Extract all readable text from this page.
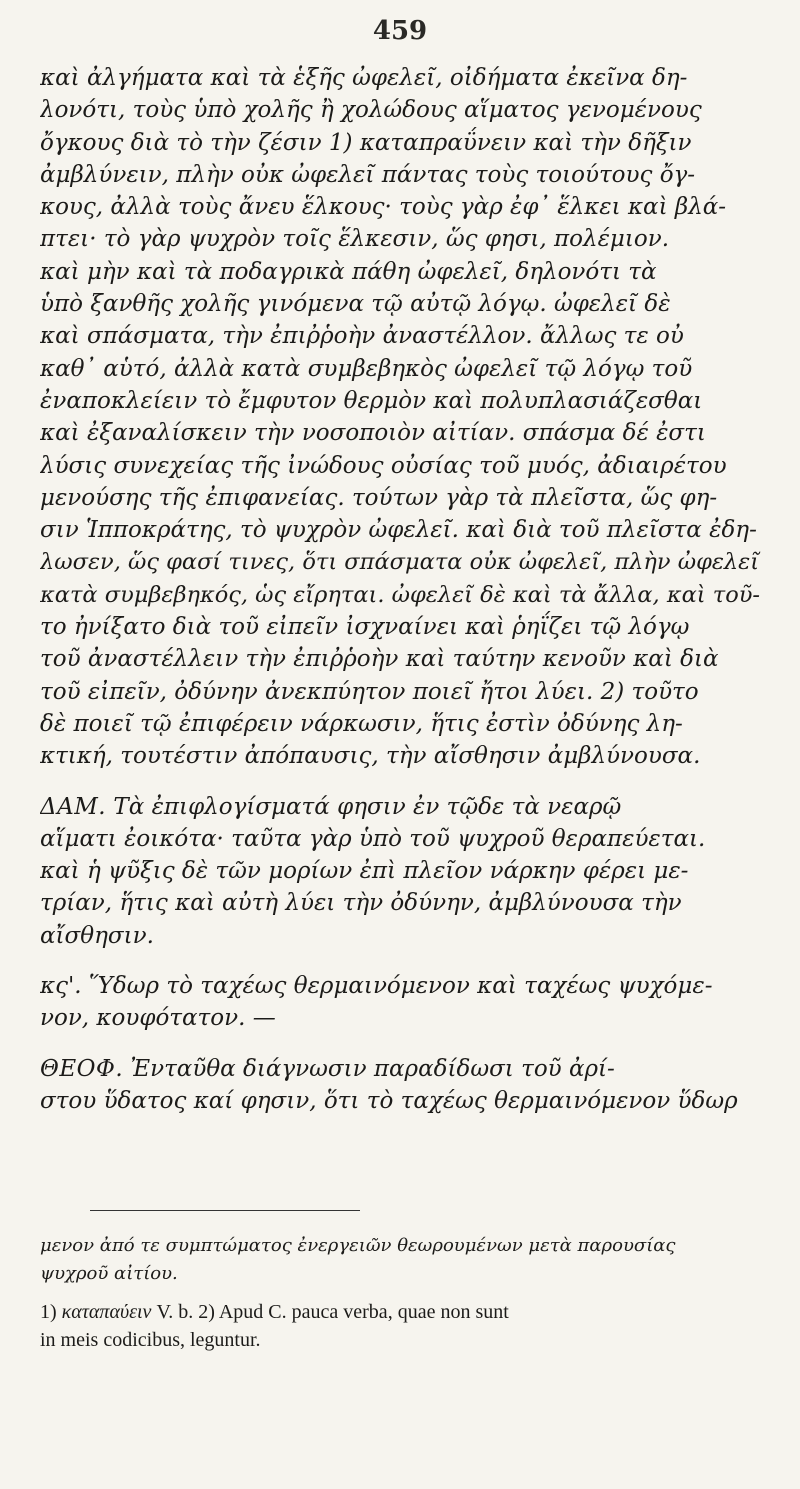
459
καὶ ἀλγήματα καὶ τὰ ἑξῆς ὠφελεῖ, οἰδήματα ἐκεῖνα δη-
λονότι, τοὺς ὑπὸ χολῆς ἢ χολώδους αἵματος γενομένους
ὄγκους διὰ τὸ τὴν ζέσιν 1) καταπραΰνειν καὶ τὴν δῆξιν
ἀμβλύνειν, πλὴν οὐκ ὠφελεῖ πάντας τοὺς τοιούτους ὄγ-
κους, ἀλλὰ τοὺς ἄνευ ἕλκους· τοὺς γὰρ ἐφ᾽ ἕλκει καὶ βλά-
πτει· τὸ γὰρ ψυχρὸν τοῖς ἕλκεσιν, ὥς φησι, πολέμιον.
καὶ μὴν καὶ τὰ ποδαγρικὰ πάθη ὠφελεῖ, δηλονότι τὰ
ὑπὸ ξανθῆς χολῆς γινόμενα τῷ αὐτῷ λόγῳ. ὠφελεῖ δὲ
καὶ σπάσματα, τὴν ἐπιῤῥοὴν ἀναστέλλον. ἄλλως τε οὐ
καθ᾽ αὑτό, ἀλλὰ κατὰ συμβεβηκὸς ὠφελεῖ τῷ λόγῳ τοῦ
ἐναποκλείειν τὸ ἔμφυτον θερμὸν καὶ πολυπλασιάζεσθαι
καὶ ἐξαναλίσκειν τὴν νοσοποιὸν αἰτίαν. σπάσμα δέ ἐστι
λύσις συνεχείας τῆς ἰνώδους οὐσίας τοῦ μυός, ἀδιαιρέτου
μενούσης τῆς ἐπιφανείας. τούτων γὰρ τὰ πλεῖστα, ὥς φη-
σιν Ἱπποκράτης, τὸ ψυχρὸν ὠφελεῖ. καὶ διὰ τοῦ πλεῖστα ἐδη-
λωσεν, ὥς φασί τινες, ὅτι σπάσματα οὐκ ὠφελεῖ, πλὴν ὠφελεῖ
κατὰ συμβεβηκός, ὡς εἴρηται. ὠφελεῖ δὲ καὶ τὰ ἄλλα, καὶ τοῦ-
το ἠνίξατο διὰ τοῦ εἰπεῖν ἰσχναίνει καὶ ῥηΐζει τῷ λόγῳ
τοῦ ἀναστέλλειν τὴν ἐπιῤῥοὴν καὶ ταύτην κενοῦν καὶ διὰ
τοῦ εἰπεῖν, ὀδύνην ἀνεκπύητον ποιεῖ ἤτοι λύει. 2) τοῦτο
δὲ ποιεῖ τῷ ἐπιφέρειν νάρκωσιν, ἥτις ἐστὶν ὀδύνης λη-
κτική, τουτέστιν ἀπόπαυσις, τὴν αἴσθησιν ἀμβλύνουσα.
ΔΑΜ. Τὰ ἐπιφλογίσματά φησιν ἐν τῷδε τὰ νεαρῷ
αἵματι ἐοικότα· ταῦτα γὰρ ὑπὸ τοῦ ψυχροῦ θεραπεύεται.
καὶ ἡ ψῦξις δὲ τῶν μορίων ἐπὶ πλεῖον νάρκην φέρει με-
τρίαν, ἥτις καὶ αὐτὴ λύει τὴν ὀδύνην, ἀμβλύνουσα τὴν
αἴσθησιν.
κς'. Ὕδωρ τὸ ταχέως θερμαινόμενον καὶ ταχέως ψυχόμε-
νον, κουφότατον. —
ΘΕΟΦ. Ἐνταῦθα διάγνωσιν παραδίδωσι τοῦ ἀρί-
στου ὕδατος καί φησιν, ὅτι τὸ ταχέως θερμαινόμενον ὕδωρ
μενον ἀπό τε συμπτώματος ἐνεργειῶν θεωρουμένων μετὰ παρουσίας
ψυχροῦ αἰτίου.
1) καταπαύειν V. b. 2) Apud C. pauca verba, quae non sunt
in meis codicibus, leguntur.
